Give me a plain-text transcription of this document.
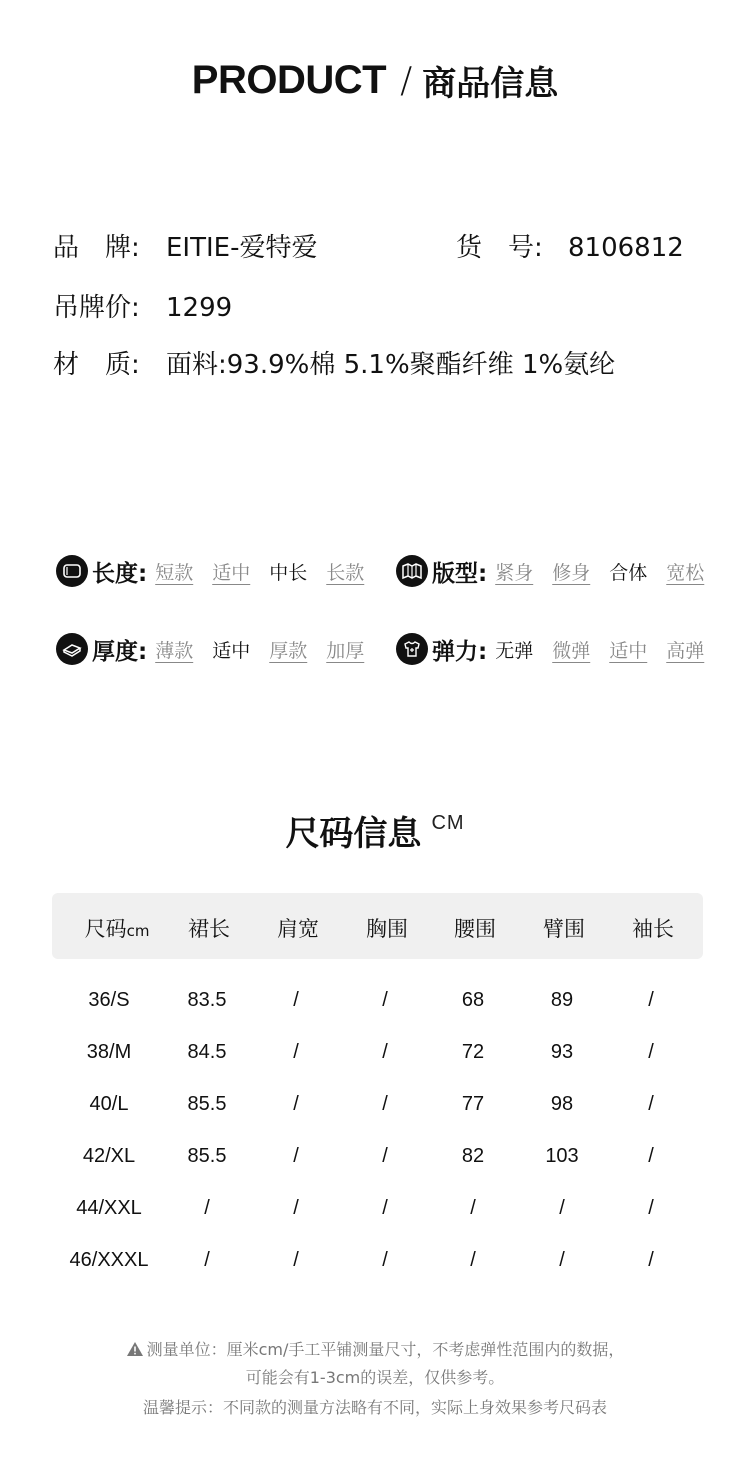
PRODUCT / 商品信息
品　牌: EITIE-爱特爱	货　号: 8106812
吊牌价: 1299
材　质: 面料:93.9%棉 5.1%聚酯纤维 1%氨纶
长度: 短款 适中 中长 长款	版型: 紧身 修身 合体 宽松
厚度: 薄款 适中 厚款 加厚	弹力: 无弹 微弹 适中 高弹
尺码信息 CM
尺码cm 裙长 肩宽 胸围 腰围 臂围 袖长
36/S	83.5	/	/	68	89	/
38/M	84.5	/	/	72	93	/
40/L	85.5	/	/	77	98	/
42/XL	85.5	/	/	82	103	/
44/XXL	/	/	/	/	/	/
46/XXXL	/	/	/	/	/	/
测量单位：厘米cm/手工平铺测量尺寸，不考虑弹性范围内的数据，
可能会有1-3cm的误差，仅供参考。
温馨提示：不同款的测量方法略有不同，实际上身效果参考尺码表
